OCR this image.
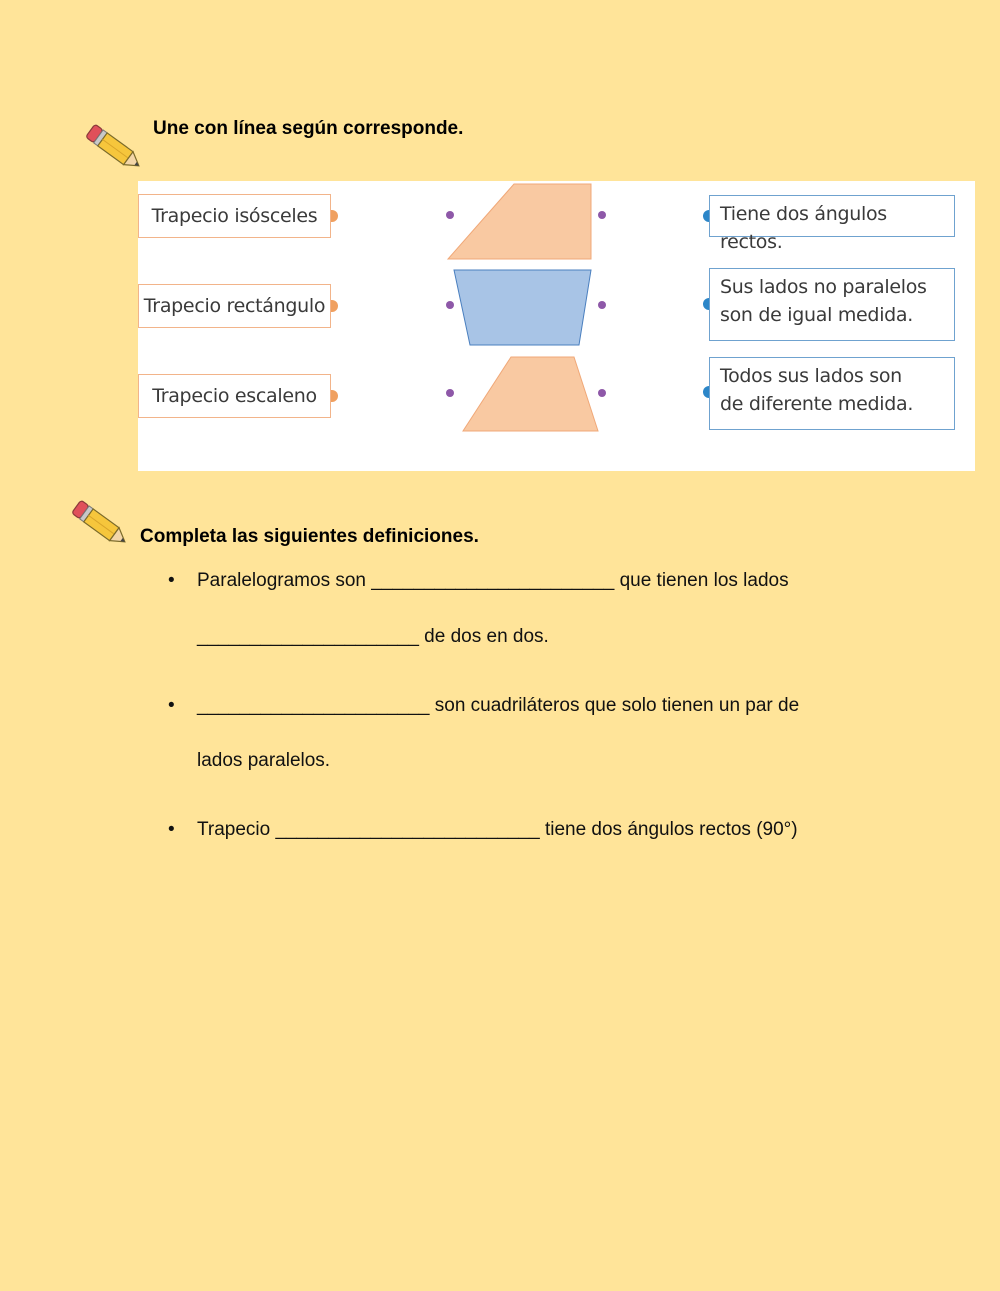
Une con línea según corresponde.
Trapecio isósceles
Trapecio rectángulo
Trapecio escaleno
Tiene dos ángulos rectos.
Sus lados no paralelos
son de igual medida.
Todos sus lados son
de diferente medida.
Completa las siguientes definiciones.
• Paralelogramos son _______________________ que tienen los lados
_____________________ de dos en dos.
• ______________________ son cuadriláteros que solo tienen un par de
lados paralelos.
• Trapecio _________________________ tiene dos ángulos rectos (90°)
